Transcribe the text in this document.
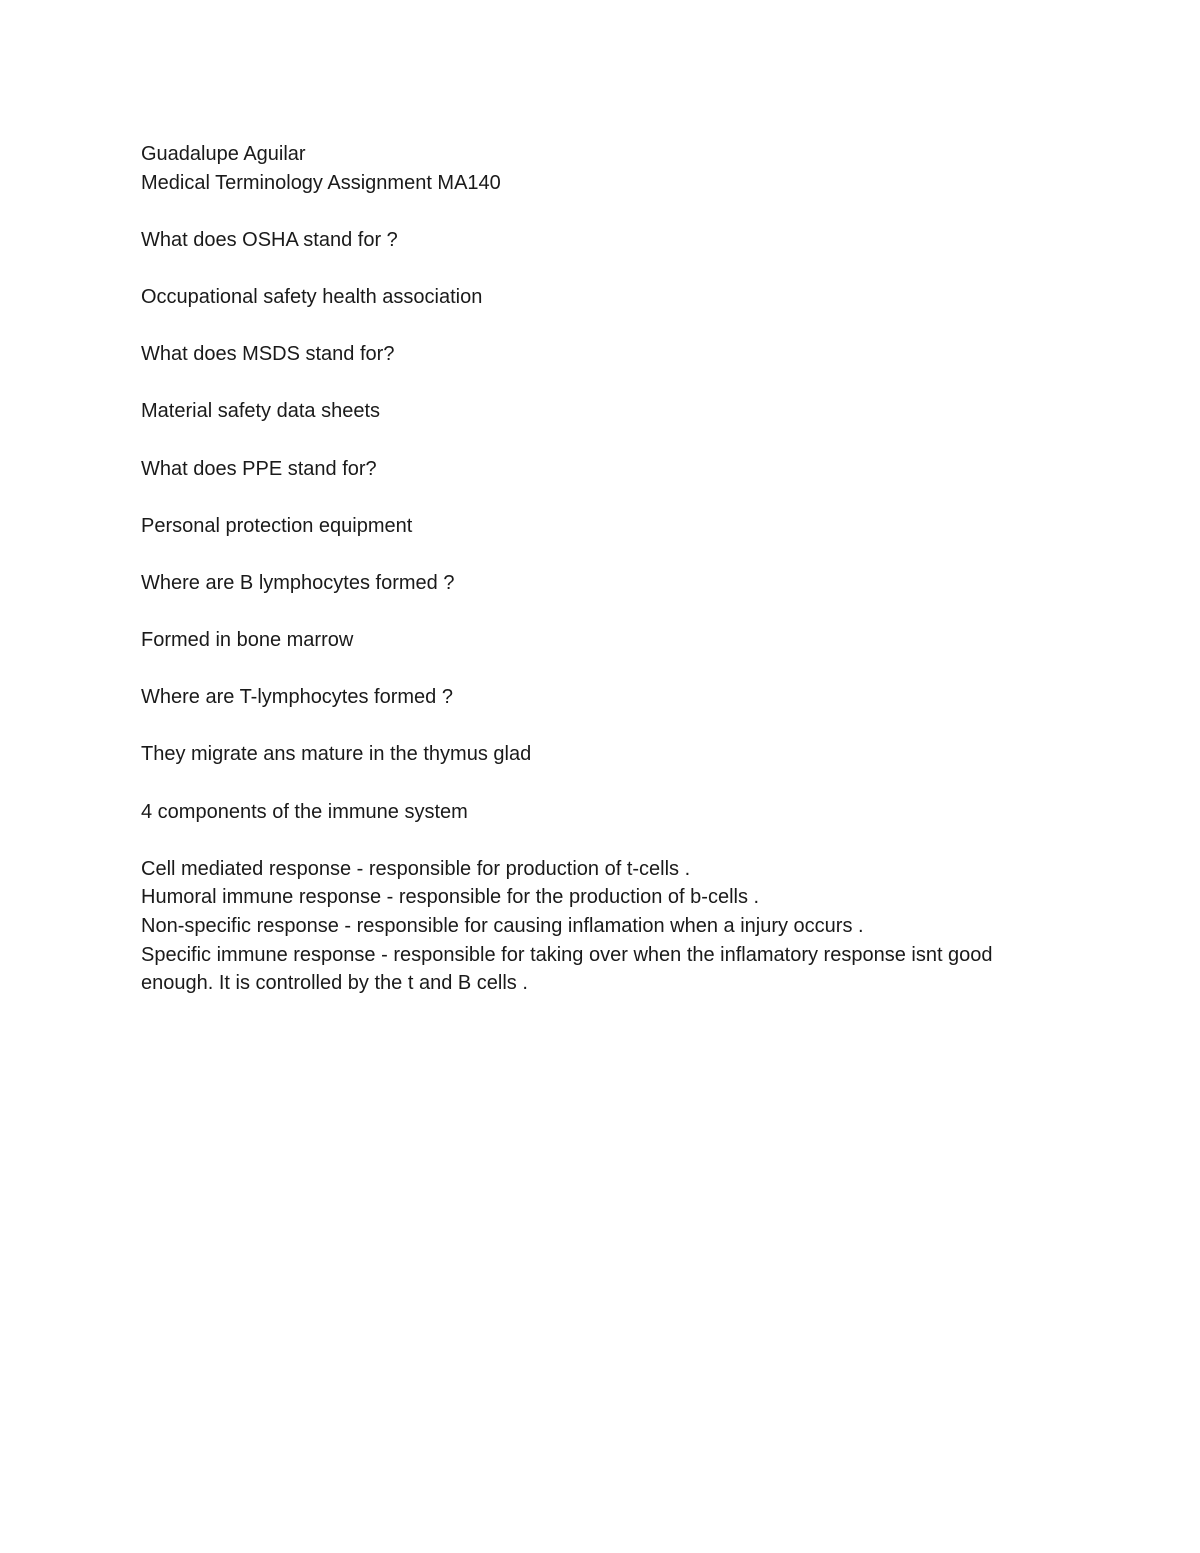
Guadalupe Aguilar

Medical Terminology Assignment MA140

What does OSHA stand for ?

Occupational safety health association

What does MSDS stand for?

Material safety data sheets

What does PPE stand for?

Personal protection equipment

Where are B lymphocytes formed ?

Formed in bone marrow

Where are T-lymphocytes formed ?

They migrate ans mature in the thymus glad

4 components of the immune system

Cell mediated response - responsible for production of t-cells .

Humoral immune response - responsible for the production of b-cells .

Non-specific response - responsible for causing inflamation when a injury occurs .

Specific immune response - responsible for taking over when the inflamatory response isnt good enough. It is controlled by the t and B cells .
